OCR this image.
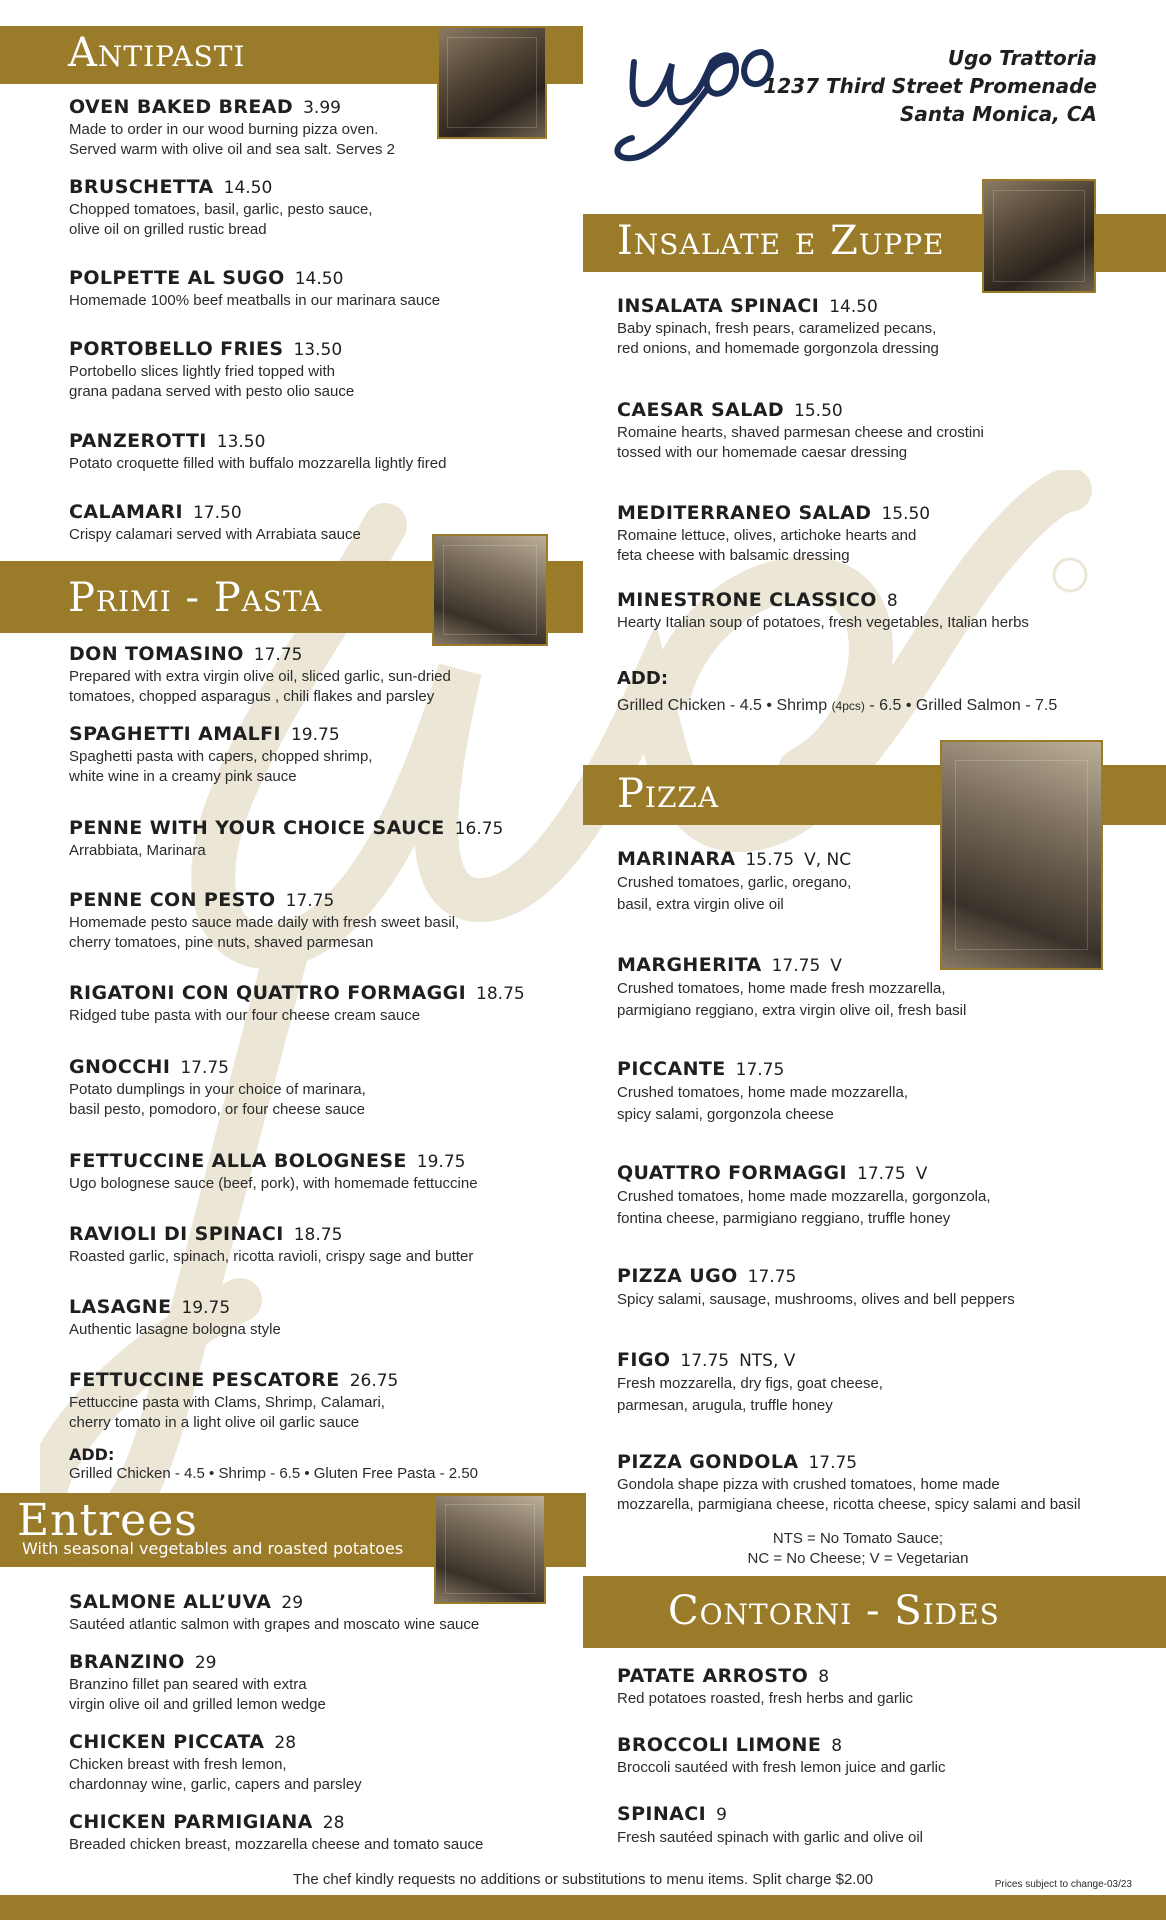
Ugo Trattoria
1237 Third Street Promenade
Santa Monica, CA
Antipasti
Primi - Pasta
Entrees
With seasonal vegetables and roasted potatoes
Insalate e Zuppe
Pizza
Contorni - Sides
OVEN BAKED BREAD 3.99
Made to order in our wood burning pizza oven.
Served warm with olive oil and sea salt. Serves 2
BRUSCHETTA 14.50
Chopped tomatoes, basil, garlic, pesto sauce,
olive oil on grilled rustic bread
POLPETTE AL SUGO 14.50
Homemade 100% beef meatballs in our marinara sauce
PORTOBELLO FRIES 13.50
Portobello slices lightly fried topped with
grana padana served with pesto olio sauce
PANZEROTTI 13.50
Potato croquette filled with buffalo mozzarella lightly fired
CALAMARI 17.50
Crispy calamari served with Arrabiata sauce
DON TOMASINO 17.75
Prepared with extra virgin olive oil, sliced garlic, sun-dried
tomatoes, chopped asparagus , chili flakes and parsley
SPAGHETTI AMALFI 19.75
Spaghetti pasta with capers, chopped shrimp,
white wine in a creamy pink sauce
PENNE WITH YOUR CHOICE SAUCE 16.75
Arrabbiata, Marinara
PENNE CON PESTO 17.75
Homemade pesto sauce made daily with fresh sweet basil,
cherry tomatoes, pine nuts, shaved parmesan
RIGATONI CON QUATTRO FORMAGGI 18.75
Ridged tube pasta with our four cheese cream sauce
GNOCCHI 17.75
Potato dumplings in your choice of marinara,
basil pesto, pomodoro, or four cheese sauce
FETTUCCINE ALLA BOLOGNESE 19.75
Ugo bolognese sauce (beef, pork), with homemade fettuccine
RAVIOLI DI SPINACI 18.75
Roasted garlic, spinach, ricotta ravioli, crispy sage and butter
LASAGNE 19.75
Authentic lasagne bologna style
FETTUCCINE PESCATORE 26.75
Fettuccine pasta with Clams, Shrimp, Calamari,
cherry tomato in a light olive oil garlic sauce
ADD:
Grilled Chicken - 4.5 • Shrimp - 6.5 • Gluten Free Pasta - 2.50
SALMONE ALL’UVA 29
Sautéed atlantic salmon with grapes and moscato wine sauce
BRANZINO 29
Branzino fillet pan seared with extra
virgin olive oil and grilled lemon wedge
CHICKEN PICCATA 28
Chicken breast with fresh lemon,
chardonnay wine, garlic, capers and parsley
CHICKEN PARMIGIANA 28
Breaded chicken breast, mozzarella cheese and tomato sauce
INSALATA SPINACI 14.50
Baby spinach, fresh pears, caramelized pecans,
red onions, and homemade gorgonzola dressing
CAESAR SALAD 15.50
Romaine hearts, shaved parmesan cheese and crostini
tossed with our homemade caesar dressing
MEDITERRANEO SALAD 15.50
Romaine lettuce, olives, artichoke hearts and
feta cheese with balsamic dressing
MINESTRONE CLASSICO 8
Hearty Italian soup of potatoes, fresh vegetables, Italian herbs
ADD:
Grilled Chicken - 4.5 • Shrimp (4pcs) - 6.5 • Grilled Salmon - 7.5
MARINARA 15.75 V, NC
Crushed tomatoes, garlic, oregano,
basil, extra virgin olive oil
MARGHERITA 17.75 V
Crushed tomatoes, home made fresh mozzarella,
parmigiano reggiano, extra virgin olive oil, fresh basil
PICCANTE 17.75
Crushed tomatoes, home made mozzarella,
spicy salami, gorgonzola cheese
QUATTRO FORMAGGI 17.75 V
Crushed tomatoes, home made mozzarella, gorgonzola,
fontina cheese, parmigiano reggiano, truffle honey
PIZZA UGO 17.75
Spicy salami, sausage, mushrooms, olives and bell peppers
FIGO 17.75 NTS, V
Fresh mozzarella, dry figs, goat cheese,
parmesan, arugula, truffle honey
PIZZA GONDOLA 17.75
Gondola shape pizza with crushed tomatoes, home made
mozzarella, parmigiana cheese, ricotta cheese, spicy salami and basil
NTS = No Tomato Sauce;
NC = No Cheese; V = Vegetarian
PATATE ARROSTO 8
Red potatoes roasted, fresh herbs and garlic
BROCCOLI LIMONE 8
Broccoli sautéed with fresh lemon juice and garlic
SPINACI 9
Fresh sautéed spinach with garlic and olive oil
The chef kindly requests no additions or substitutions to menu items. Split charge $2.00	Prices subject to change-03/23
